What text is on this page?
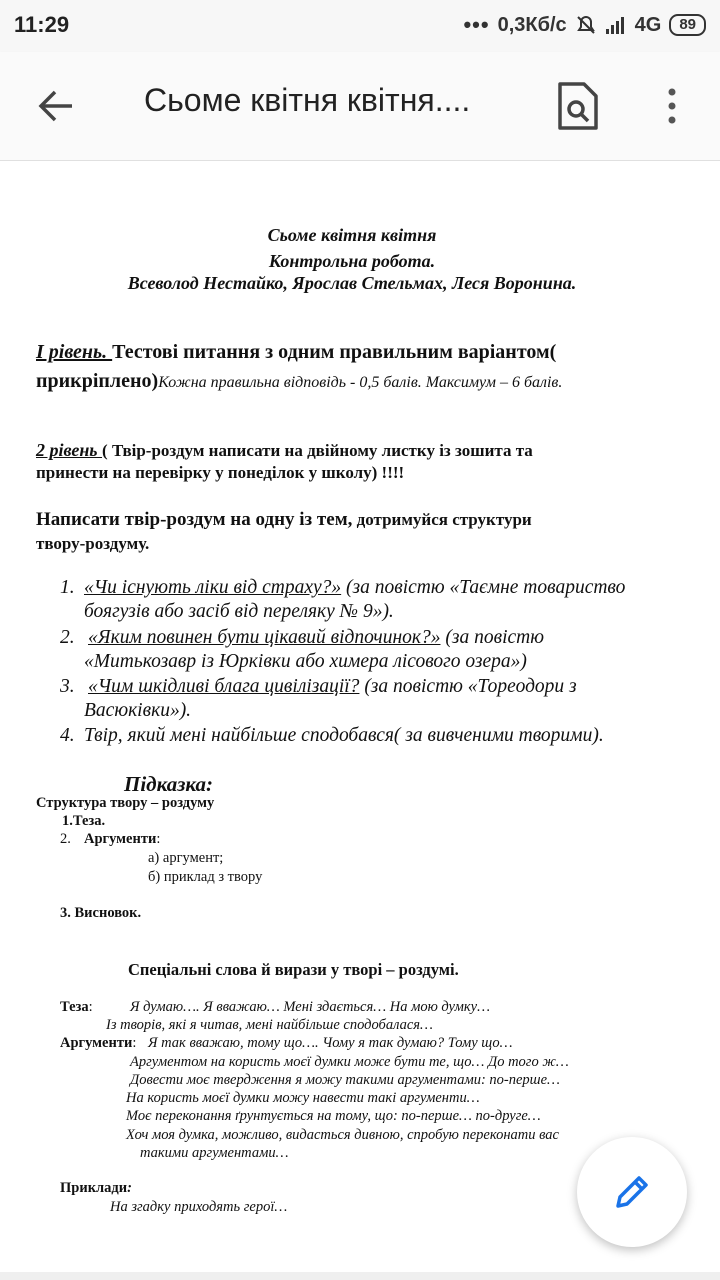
11:29	••• 0,3Кб/с	4G	89
Сьоме квітня квітня....
Сьоме квітня квітня
Контрольна робота.
Всеволод Нестайко, Ярослав Стельмах, Леся Воронина.
І рівень. Тестові питання з одним правильним варіантом(
прикріплено)Кожна правильна відповідь - 0,5 балів. Максимум – 6 балів.
2 рівень ( Твір-роздум написати на двійному листку із зошита та
принести на перевірку у понеділок у школу) !!!!
Написати твір-роздум на одну із тем, дотримуйся структури
твору-роздуму.
1. «Чи існують ліки від страху?» (за повістю «Таємне товариство
боягузів або засіб від переляку № 9»).
2. «Яким повинен бути цікавий відпочинок?» (за повістю
«Митькозавр із Юрківки або химера лісового озера»)
3. «Чим шкідливі блага цивілізації? (за повістю «Тореодори з
Васюківки»).
4. Твір, який мені найбільше сподобався( за вивченими творими).
Підказка:
Структура твору – роздуму
1.Теза.
2. Аргументи:
а) аргумент;
б) приклад з твору
3. Висновок.
Спеціальні слова й вирази у творі – роздумі.
Теза:	Я думаю…. Я вважаю… Мені здається… На мою думку…
Із творів, які я читав, мені найбільше сподобалася…
Аргументи: Я так вважаю, тому що…. Чому я так думаю? Тому що…
Аргументом на користь моєї думки може бути те, що… До того ж…
Довести моє твердження я можу такими аргументами: по-перше…
На користь моєї думки можу навести такі аргументи…
Моє переконання ґрунтується на тому, що: по-перше… по-друге…
Хоч моя думка, можливо, видасться дивною, спробую переконати вас
такими аргументами…
Приклади:
На згадку приходять герої…
